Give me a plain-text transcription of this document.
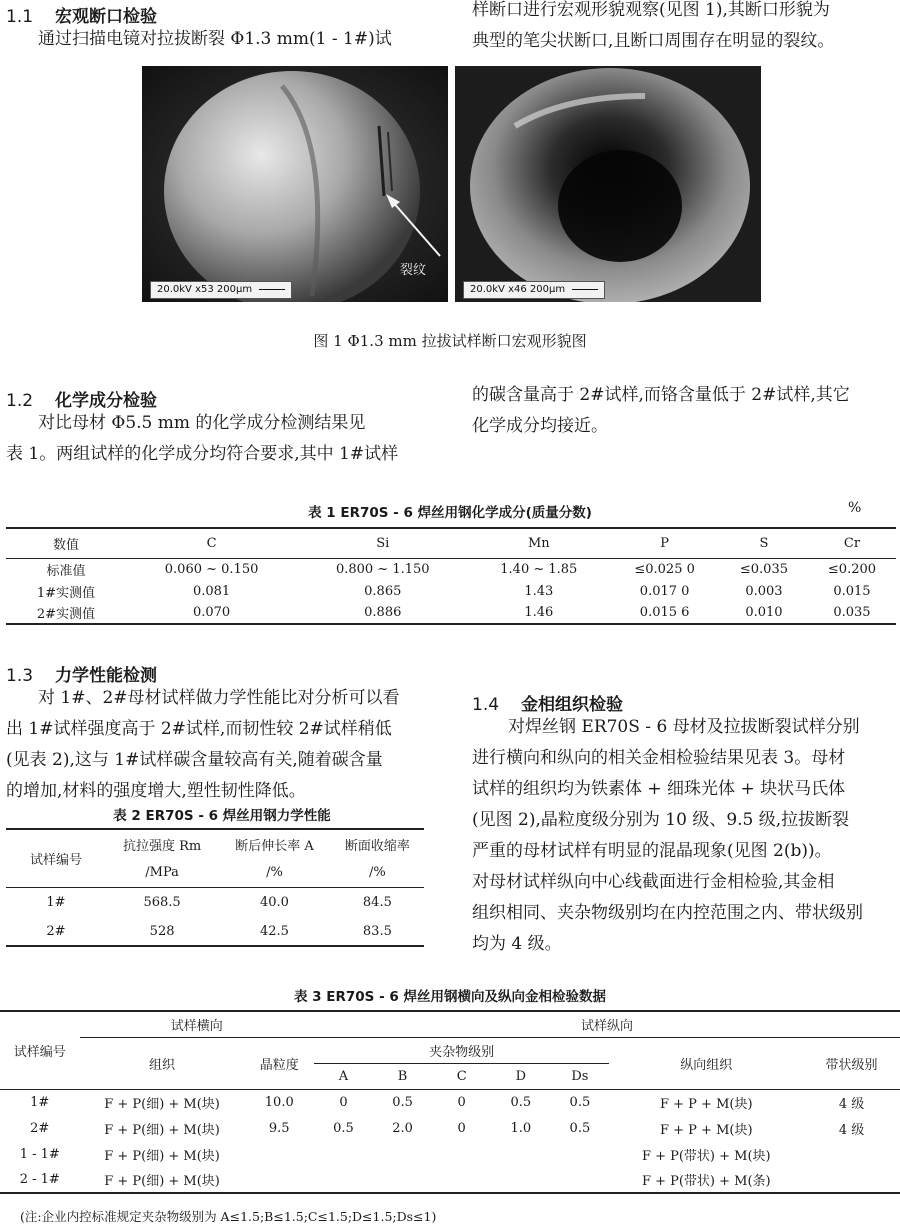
1.1 宏观断口检验
通过扫描电镜对拉拔断裂 Φ1.3 mm(1 - 1#)试
样断口进行宏观形貌观察(见图 1),其断口形貌为
典型的笔尖状断口,且断口周围存在明显的裂纹。
裂纹
20.0kV x53 200μm	20.0kV x46 200μm
图 1 Φ1.3 mm 拉拔试样断口宏观形貌图
1.2 化学成分检验
对比母材 Φ5.5 mm 的化学成分检测结果见
表 1。两组试样的化学成分均符合要求,其中 1#试样
的碳含量高于 2#试样,而铬含量低于 2#试样,其它
化学成分均接近。
表 1 ER70S - 6 焊丝用钢化学成分(质量分数)	%
数值	C	Si	Mn	P	S	Cr
标准值	0.060 ~ 0.150	0.800 ~ 1.150	1.40 ~ 1.85	≤0.025 0	≤0.035	≤0.200
1#实测值	0.081	0.865	1.43	0.017 0	0.003	0.015
2#实测值	0.070	0.886	1.46	0.015 6	0.010	0.035
1.3 力学性能检测
对 1#、2#母材试样做力学性能比对分析可以看
出 1#试样强度高于 2#试样,而韧性较 2#试样稍低
(见表 2),这与 1#试样碳含量较高有关,随着碳含量
的增加,材料的强度增大,塑性韧性降低。
表 2 ER70S - 6 焊丝用钢力学性能
试样编号	抗拉强度 Rm	断后伸长率 A	断面收缩率
	/MPa	/%	/%
1#	568.5	40.0	84.5
2#	528	42.5	83.5
1.4 金相组织检验
对焊丝钢 ER70S - 6 母材及拉拔断裂试样分别
进行横向和纵向的相关金相检验结果见表 3。母材
试样的组织均为铁素体 + 细珠光体 + 块状马氏体
(见图 2),晶粒度级分别为 10 级、9.5 级,拉拔断裂
严重的母材试样有明显的混晶现象(见图 2(b))。
对母材试样纵向中心线截面进行金相检验,其金相
组织相同、夹杂物级别均在内控范围之内、带状级别
均为 4 级。
表 3 ER70S - 6 焊丝用钢横向及纵向金相检验数据
试样编号	试样横向		试样纵向						
	组织	晶粒度	夹杂物级别					纵向组织	带状级别
			A	B	C	D	Ds		
1#	F + P(细) + M(块)	10.0	0	0.5	0	0.5	0.5	F + P + M(块)	4 级
2#	F + P(细) + M(块)	9.5	0.5	2.0	0	1.0	0.5	F + P + M(块)	4 级
1 - 1#	F + P(细) + M(块)							F + P(带状) + M(块)	
2 - 1#	F + P(细) + M(块)							F + P(带状) + M(条)	
(注:企业内控标准规定夹杂物级别为 A≤1.5;B≤1.5;C≤1.5;D≤1.5;Ds≤1)
